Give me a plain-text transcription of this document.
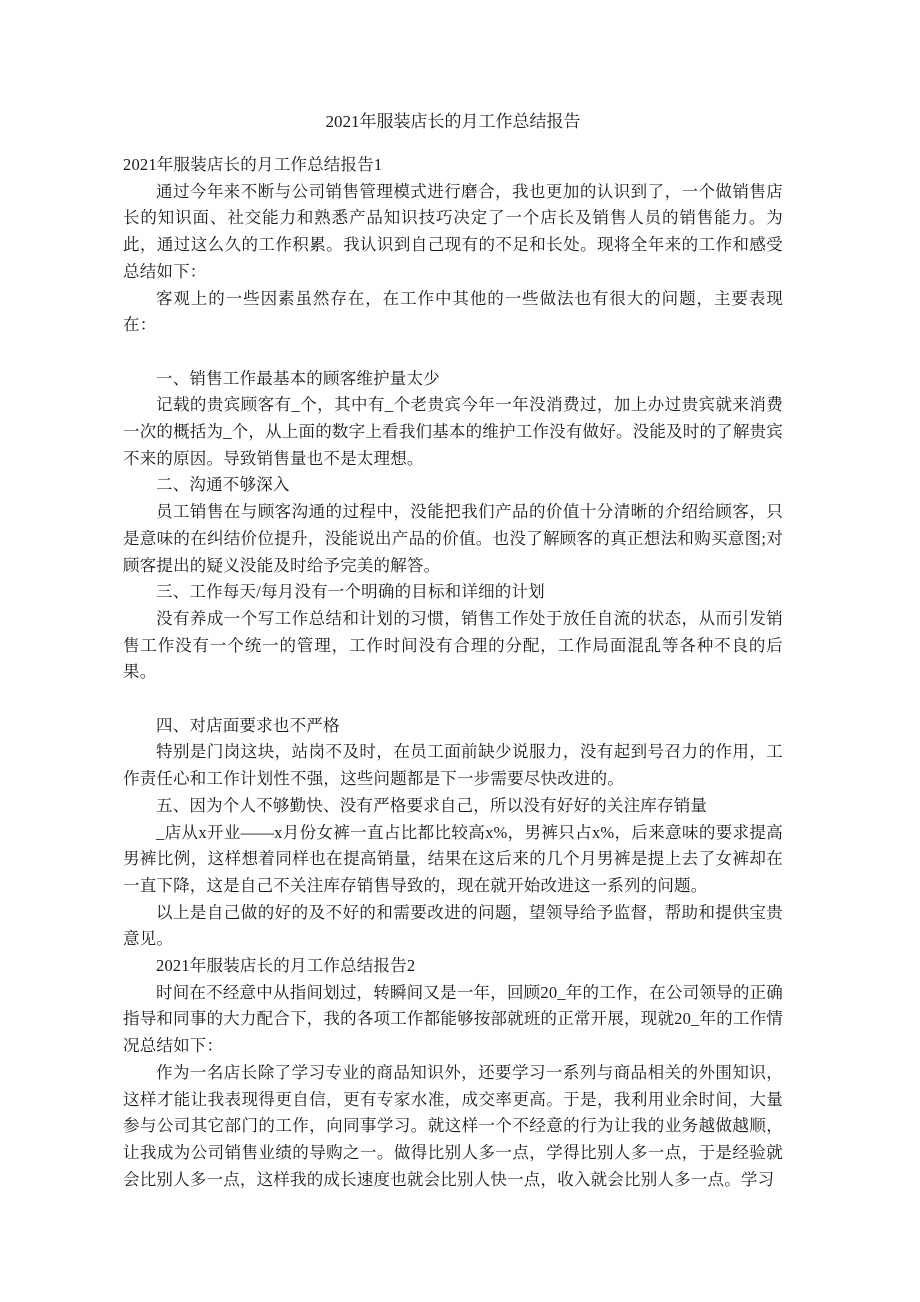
2021年服装店长的月工作总结报告
2021年服装店长的月工作总结报告1
通过今年来不断与公司销售管理模式进行磨合，我也更加的认识到了，一个做销售店长的知识面、社交能力和熟悉产品知识技巧决定了一个店长及销售人员的销售能力。为此，通过这么久的工作积累。我认识到自己现有的不足和长处。现将全年来的工作和感受总结如下：
客观上的一些因素虽然存在，在工作中其他的一些做法也有很大的问题，主要表现在：
一、销售工作最基本的顾客维护量太少
记载的贵宾顾客有_个，其中有_个老贵宾今年一年没消费过，加上办过贵宾就来消费一次的概括为_个，从上面的数字上看我们基本的维护工作没有做好。没能及时的了解贵宾不来的原因。导致销售量也不是太理想。
二、沟通不够深入
员工销售在与顾客沟通的过程中，没能把我们产品的价值十分清晰的介绍给顾客，只是意味的在纠结价位提升，没能说出产品的价值。也没了解顾客的真正想法和购买意图;对顾客提出的疑义没能及时给予完美的解答。
三、工作每天/每月没有一个明确的目标和详细的计划
没有养成一个写工作总结和计划的习惯，销售工作处于放任自流的状态，从而引发销售工作没有一个统一的管理，工作时间没有合理的分配，工作局面混乱等各种不良的后果。
四、对店面要求也不严格
特别是门岗这块，站岗不及时，在员工面前缺少说服力，没有起到号召力的作用，工作责任心和工作计划性不强，这些问题都是下一步需要尽快改进的。
五、因为个人不够勤快、没有严格要求自己，所以没有好好的关注库存销量
_店从x开业——x月份女裤一直占比都比较高x%，男裤只占x%，后来意味的要求提高男裤比例，这样想着同样也在提高销量，结果在这后来的几个月男裤是提上去了女裤却在一直下降，这是自己不关注库存销售导致的，现在就开始改进这一系列的问题。
以上是自己做的好的及不好的和需要改进的问题，望领导给予监督，帮助和提供宝贵意见。
2021年服装店长的月工作总结报告2
时间在不经意中从指间划过，转瞬间又是一年，回顾20_年的工作，在公司领导的正确指导和同事的大力配合下，我的各项工作都能够按部就班的正常开展，现就20_年的工作情况总结如下：
作为一名店长除了学习专业的商品知识外，还要学习一系列与商品相关的外围知识，这样才能让我表现得更自信，更有专家水准，成交率更高。于是，我利用业余时间，大量参与公司其它部门的工作，向同事学习。就这样一个不经意的行为让我的业务越做越顺，让我成为公司销售业绩的导购之一。做得比别人多一点，学得比别人多一点，于是经验就会比别人多一点，这样我的成长速度也就会比别人快一点，收入就会比别人多一点。学习
